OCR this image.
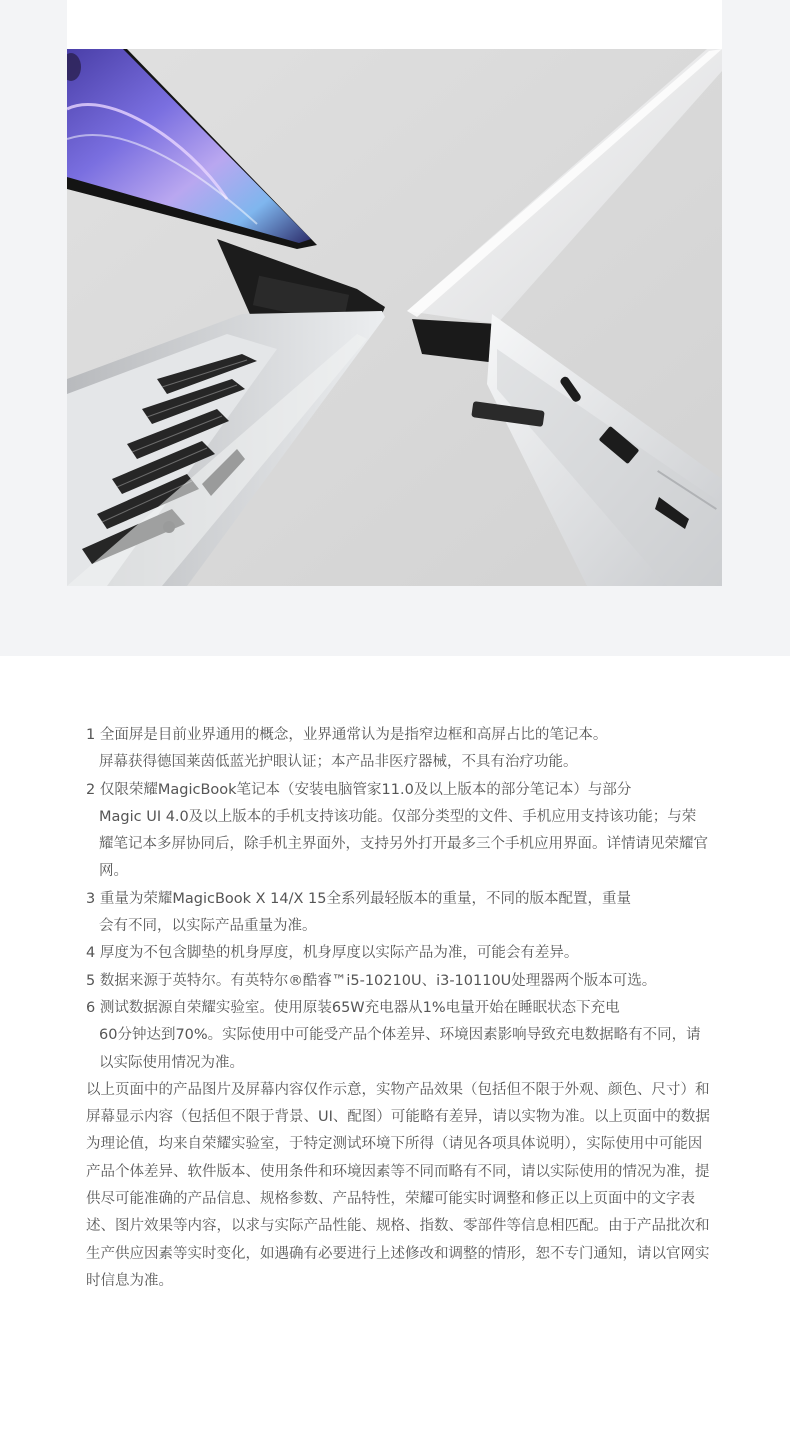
1 全面屏是目前业界通用的概念，业界通常认为是指窄边框和高屏占比的笔记本。
屏幕获得德国莱茵低蓝光护眼认证；本产品非医疗器械，不具有治疗功能。

2 仅限荣耀MagicBook笔记本（安装电脑管家11.0及以上版本的部分笔记本）与部分
Magic UI 4.0及以上版本的手机支持该功能。仅部分类型的文件、手机应用支持该功能；与荣耀笔记本多屏协同后，除手机主界面外，支持另外打开最多三个手机应用界面。详情请见荣耀官网。

3 重量为荣耀MagicBook X 14/X 15全系列最轻版本的重量，不同的版本配置，重量
会有不同，以实际产品重量为准。

4 厚度为不包含脚垫的机身厚度，机身厚度以实际产品为准，可能会有差异。

5 数据来源于英特尔。有英特尔®酷睿™i5-10210U、i3-10110U处理器两个版本可选。

6 测试数据源自荣耀实验室。使用原装65W充电器从1%电量开始在睡眠状态下充电
60分钟达到70%。实际使用中可能受产品个体差异、环境因素影响导致充电数据略有不同，请以实际使用情况为准。

以上页面中的产品图片及屏幕内容仅作示意，实物产品效果（包括但不限于外观、颜色、尺寸）和屏幕显示内容（包括但不限于背景、UI、配图）可能略有差异，请以实物为准。以上页面中的数据为理论值，均来自荣耀实验室，于特定测试环境下所得（请见各项具体说明），实际使用中可能因产品个体差异、软件版本、使用条件和环境因素等不同而略有不同，请以实际使用的情况为准，提供尽可能准确的产品信息、规格参数、产品特性，荣耀可能实时调整和修正以上页面中的文字表述、图片效果等内容，以求与实际产品性能、规格、指数、零部件等信息相匹配。由于产品批次和生产供应因素等实时变化，如遇确有必要进行上述修改和调整的情形，恕不专门通知，请以官网实时信息为准。
